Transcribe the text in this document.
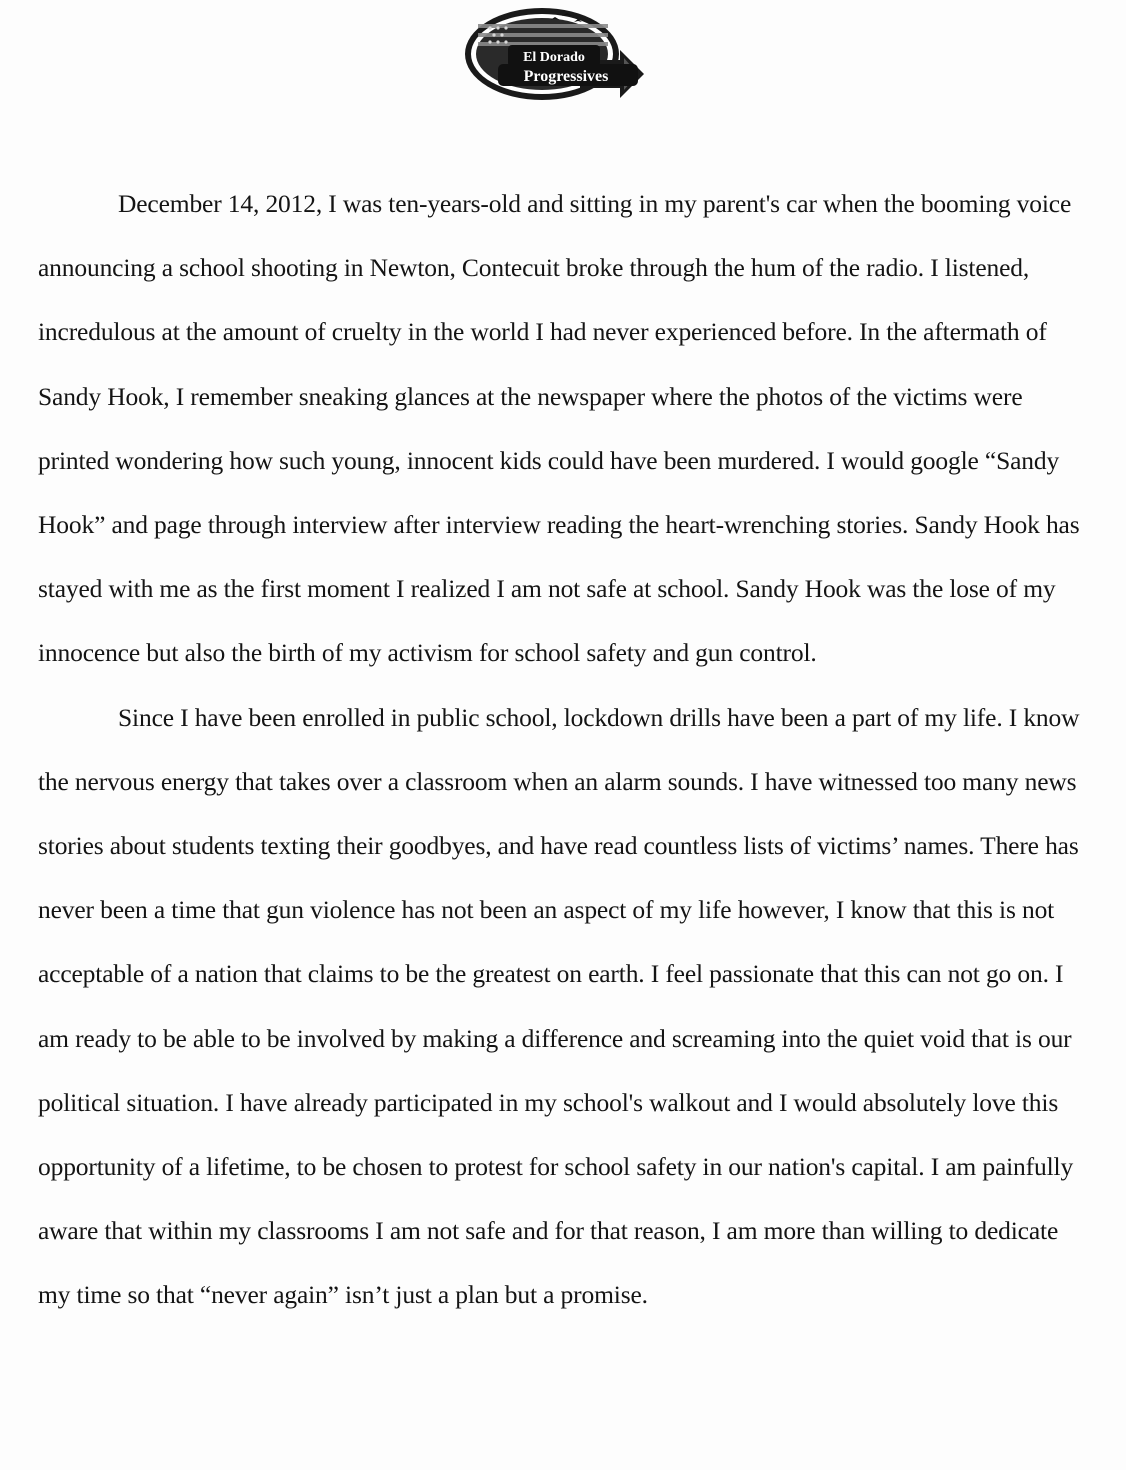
El Dorado
Progressives

December 14, 2012, I was ten-years-old and sitting in my parent's car when the booming voice announcing a school shooting in Newton, Contecuit broke through the hum of the radio. I listened, incredulous at the amount of cruelty in the world I had never experienced before. In the aftermath of Sandy Hook, I remember sneaking glances at the newspaper where the photos of the victims were printed wondering how such young, innocent kids could have been murdered. I would google “Sandy Hook” and page through interview after interview reading the heart-wrenching stories. Sandy Hook has stayed with me as the first moment I realized I am not safe at school. Sandy Hook was the lose of my innocence but also the birth of my activism for school safety and gun control.

Since I have been enrolled in public school, lockdown drills have been a part of my life. I know the nervous energy that takes over a classroom when an alarm sounds. I have witnessed too many news stories about students texting their goodbyes, and have read countless lists of victims’ names. There has never been a time that gun violence has not been an aspect of my life however, I know that this is not acceptable of a nation that claims to be the greatest on earth. I feel passionate that this can not go on. I am ready to be able to be involved by making a difference and screaming into the quiet void that is our political situation. I have already participated in my school's walkout and I would absolutely love this opportunity of a lifetime, to be chosen to protest for school safety in our nation's capital. I am painfully aware that within my classrooms I am not safe and for that reason, I am more than willing to dedicate my time so that “never again” isn’t just a plan but a promise.
